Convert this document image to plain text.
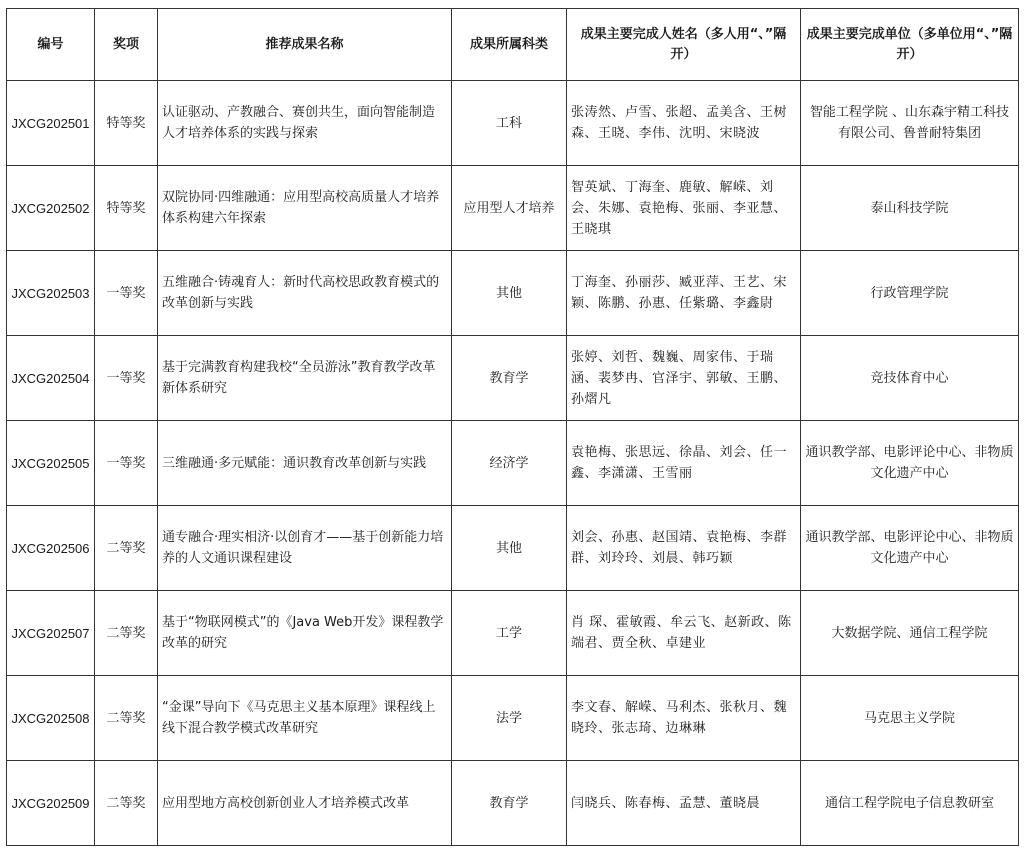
编号	奖项	推荐成果名称	成果所属科类	成果主要完成人姓名（多人用“、”隔开）	成果主要完成单位（多单位用“、”隔开）
JXCG202501	特等奖	认证驱动、产教融合、赛创共生，面向智能制造人才培养体系的实践与探索	工科	张涛然、卢雪、张超、孟美含、王树森、王晓、李伟、沈明、宋晓波	智能工程学院 、山东森宇精工科技有限公司、鲁普耐特集团
JXCG202502	特等奖	双院协同·四维融通：应用型高校高质量人才培养体系构建六年探索	应用型人才培养	智英斌、丁海奎、鹿敏、解嵘、刘会、朱娜、袁艳梅、张丽、李亚慧、王晓琪	泰山科技学院
JXCG202503	一等奖	五维融合·铸魂育人：新时代高校思政教育模式的改革创新与实践	其他	丁海奎、孙丽莎、臧亚萍、王艺、宋颖、陈鹏、孙惠、任紫璐、李鑫尉	行政管理学院
JXCG202504	一等奖	基于完满教育构建我校“全员游泳”教育教学改革新体系研究	教育学	张婷、刘哲、魏巍、周家伟、于瑞涵、裴梦冉、官泽宇、郭敏、王鹏、孙熠凡	竞技体育中心
JXCG202505	一等奖	三维融通·多元赋能：通识教育改革创新与实践	经济学	袁艳梅、张思远、徐晶、刘会、任一鑫、李潇潇、王雪丽	通识教学部、电影评论中心、非物质文化遗产中心
JXCG202506	二等奖	通专融合·理实相济·以创育才——基于创新能力培养的人文通识课程建设	其他	刘会、孙惠、赵国靖、袁艳梅、李群群、刘玲玲、刘晨、韩巧颖	通识教学部、电影评论中心、非物质文化遗产中心
JXCG202507	二等奖	基于“物联网模式”的《Java Web开发》课程教学改革的研究	工学	肖 琛、霍敏霞、牟云飞、赵新政、陈端君、贾全秋、卓建业	大数据学院、通信工程学院
JXCG202508	二等奖	“金课”导向下《马克思主义基本原理》课程线上线下混合教学模式改革研究	法学	李文春、解嵘、马利杰、张秋月、魏晓玲、张志琦、边琳琳	马克思主义学院
JXCG202509	二等奖	应用型地方高校创新创业人才培养模式改革	教育学	闫晓兵、陈春梅、孟慧、董晓晨	通信工程学院电子信息教研室
